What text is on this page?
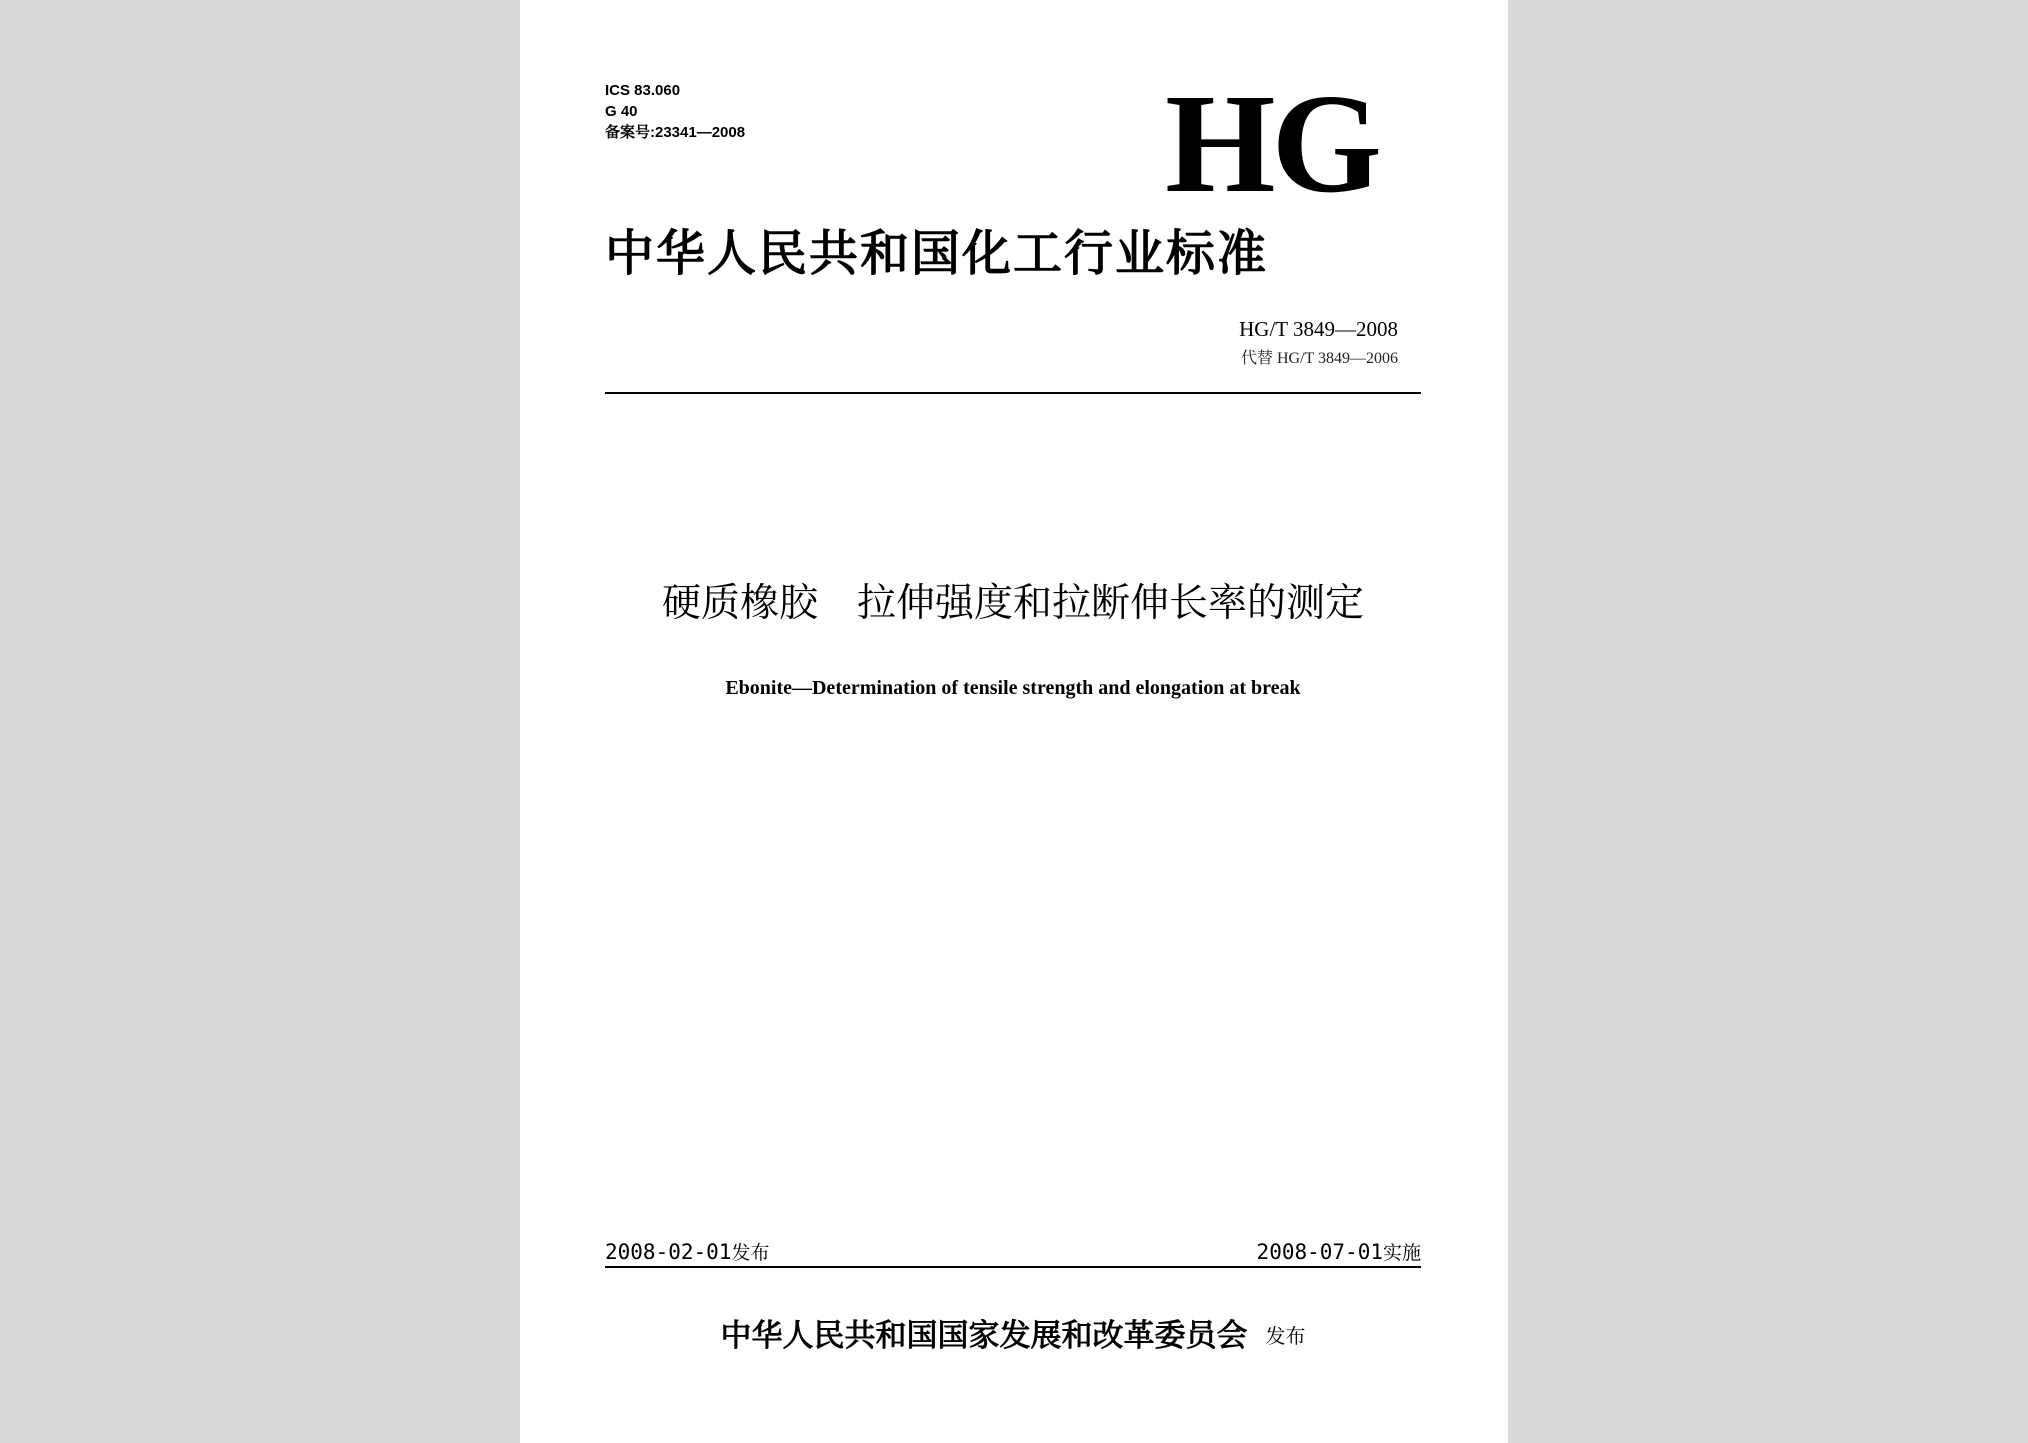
ICS 83.060
G 40
备案号:23341—2008	HG
中华人民共和国化工行业标准
HG/T 3849—2008
代替 HG/T 3849—2006
硬质橡胶　拉伸强度和拉断伸长率的测定
Ebonite—Determination of tensile strength and elongation at break
2008-02-01发布	2008-07-01实施
中华人民共和国国家发展和改革委员会 发布
